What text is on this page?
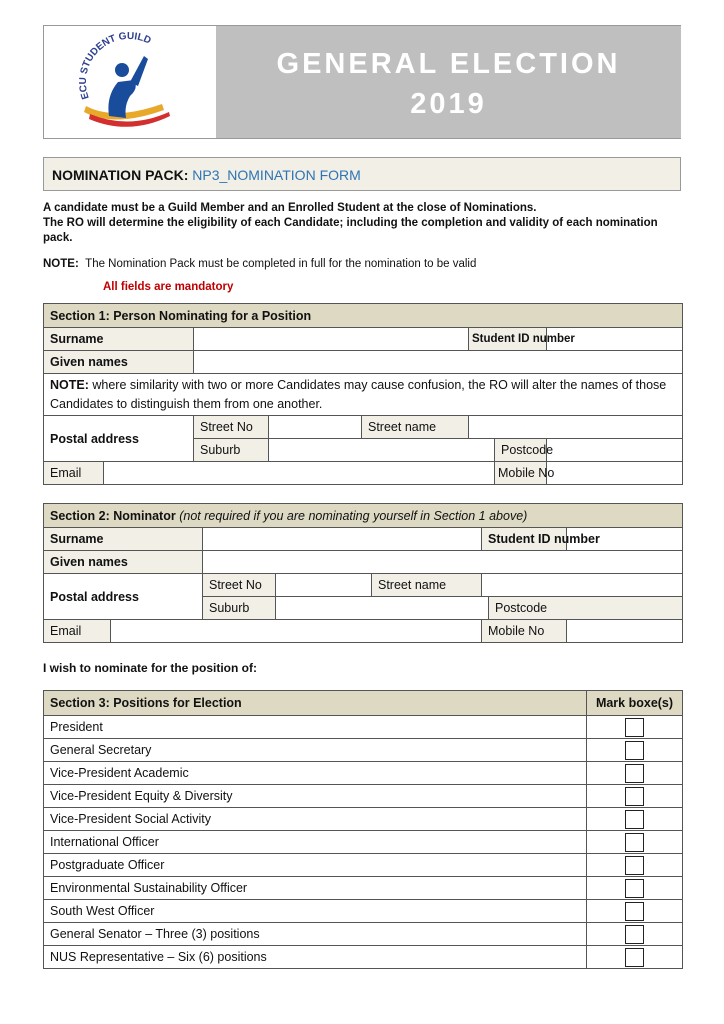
ECU STUDENT GUILD
GENERAL ELECTION
2019
NOMINATION PACK: NP3_NOMINATION FORM
A candidate must be a Guild Member and an Enrolled Student at the close of Nominations.
The RO will determine the eligibility of each Candidate; including the completion and validity of each nomination pack.
NOTE: The Nomination Pack must be completed in full for the nomination to be valid
All fields are mandatory
Section 1: Person Nominating for a Position							
Surname					Student ID number		
Given names							
NOTE: where similarity with two or more Candidates may cause confusion, the RO will alter the names of those Candidates to distinguish them from one another.							
Postal address		Street No		Street name			
		Suburb				Postcode	
Email						Mobile No	
Section 2: Nominator (not required if you are nominating yourself in Section 1 above)								
Surname					Student ID number			
Given names								
Postal address		Street No		Street name				
		Suburb				Postcode		
Email					Mobile No			
I wish to nominate for the position of:
Section 3: Positions for Election	Mark boxe(s)
President	
General Secretary	
Vice-President Academic	
Vice-President Equity & Diversity	
Vice-President Social Activity	
International Officer	
Postgraduate Officer	
Environmental Sustainability Officer	
South West Officer	
General Senator – Three (3) positions	
NUS Representative – Six (6) positions	
